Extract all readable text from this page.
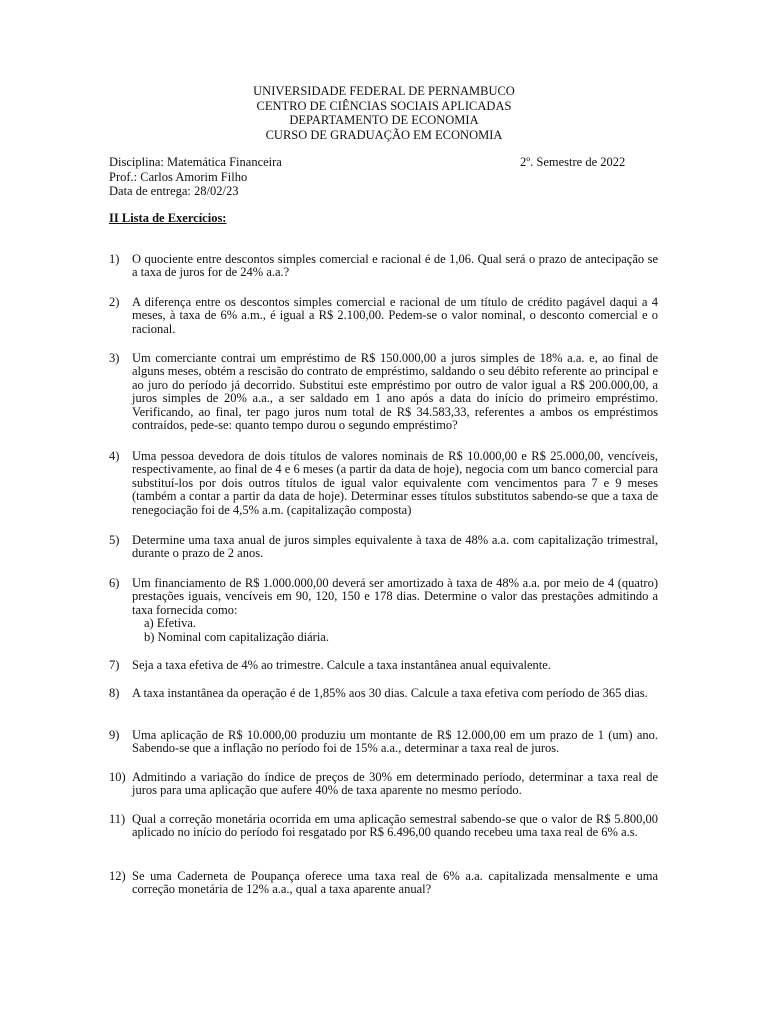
UNIVERSIDADE FEDERAL DE PERNAMBUCO
CENTRO DE CIÊNCIAS SOCIAIS APLICADAS
DEPARTAMENTO DE ECONOMIA
CURSO DE GRADUAÇÃO EM ECONOMIA
Disciplina: Matemática Financeira
Prof.: Carlos Amorim Filho
Data de entrega: 28/02/23
2º. Semestre de 2022
II Lista de Exercícios:
1) O quociente entre descontos simples comercial e racional é de 1,06. Qual será o prazo de antecipação se a taxa de juros for de 24% a.a.?
2) A diferença entre os descontos simples comercial e racional de um título de crédito pagável daqui a 4 meses, à taxa de 6% a.m., é igual a R$ 2.100,00. Pedem-se o valor nominal, o desconto comercial e o racional.
3) Um comerciante contrai um empréstimo de R$ 150.000,00 a juros simples de 18% a.a. e, ao final de alguns meses, obtém a rescisão do contrato de empréstimo, saldando o seu débito referente ao principal e ao juro do período já decorrido. Substitui este empréstimo por outro de valor igual a R$ 200.000,00, a juros simples de 20% a.a., a ser saldado em 1 ano após a data do início do primeiro empréstimo. Verificando, ao final, ter pago juros num total de R$ 34.583,33, referentes a ambos os empréstimos contraídos, pede-se: quanto tempo durou o segundo empréstimo?
4) Uma pessoa devedora de dois títulos de valores nominais de R$ 10.000,00 e R$ 25.000,00, vencíveis, respectivamente, ao final de 4 e 6 meses (a partir da data de hoje), negocia com um banco comercial para substituí-los por dois outros títulos de igual valor equivalente com vencimentos para 7 e 9 meses (também a contar a partir da data de hoje). Determinar esses títulos substitutos sabendo-se que a taxa de renegociação foi de 4,5% a.m. (capitalização composta)
5) Determine uma taxa anual de juros simples equivalente à taxa de 48% a.a. com capitalização trimestral, durante o prazo de 2 anos.
6) Um financiamento de R$ 1.000.000,00 deverá ser amortizado à taxa de 48% a.a. por meio de 4 (quatro) prestações iguais, vencíveis em 90, 120, 150 e 178 dias. Determine o valor das prestações admitindo a taxa fornecida como:
a) Efetiva.
b) Nominal com capitalização diária.
7) Seja a taxa efetiva de 4% ao trimestre. Calcule a taxa instantânea anual equivalente.
8) A taxa instantânea da operação é de 1,85% aos 30 dias. Calcule a taxa efetiva com período de 365 dias.
9) Uma aplicação de R$ 10.000,00 produziu um montante de R$ 12.000,00 em um prazo de 1 (um) ano. Sabendo-se que a inflação no período foi de 15% a.a., determinar a taxa real de juros.
10) Admitindo a variação do índice de preços de 30% em determinado período, determinar a taxa real de juros para uma aplicação que aufere 40% de taxa aparente no mesmo período.
11) Qual a correção monetária ocorrida em uma aplicação semestral sabendo-se que o valor de R$ 5.800,00 aplicado no início do período foi resgatado por R$ 6.496,00 quando recebeu uma taxa real de 6% a.s.
12) Se uma Caderneta de Poupança oferece uma taxa real de 6% a.a. capitalizada mensalmente e uma correção monetária de 12% a.a., qual a taxa aparente anual?
